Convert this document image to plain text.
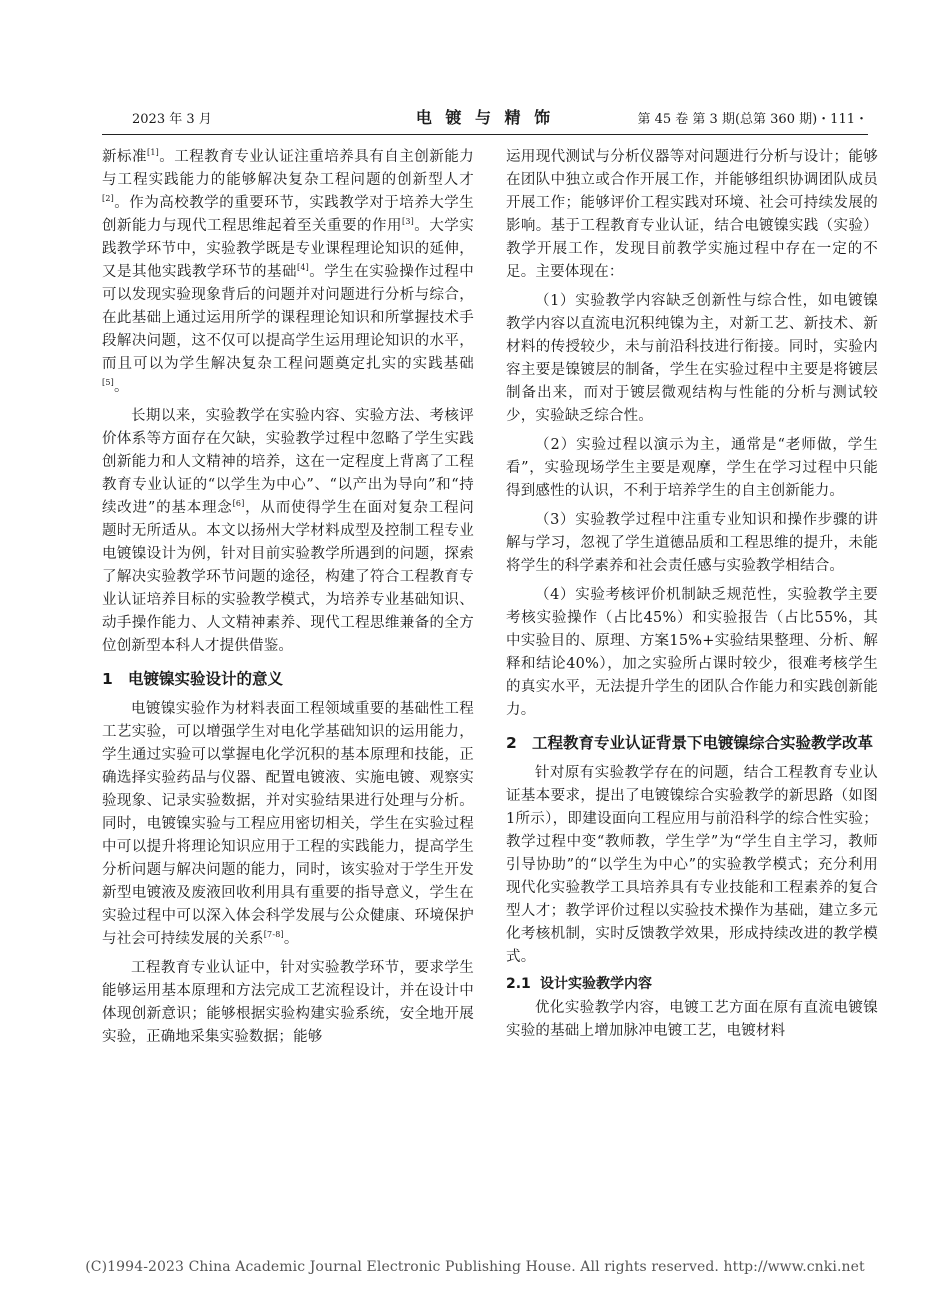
2023 年 3 月	电 镀 与 精 饰	第 45 卷 第 3 期(总第 360 期)・111・

新标准[1]。工程教育专业认证注重培养具有自主创新能力与工程实践能力的能够解决复杂工程问题的创新型人才[2]。作为高校教学的重要环节，实践教学对于培养大学生创新能力与现代工程思维起着至关重要的作用[3]。大学实践教学环节中，实验教学既是专业课程理论知识的延伸，又是其他实践教学环节的基础[4]。学生在实验操作过程中可以发现实验现象背后的问题并对问题进行分析与综合，在此基础上通过运用所学的课程理论知识和所掌握技术手段解决问题，这不仅可以提高学生运用理论知识的水平，而且可以为学生解决复杂工程问题奠定扎实的实践基础[5]。

长期以来，实验教学在实验内容、实验方法、考核评价体系等方面存在欠缺，实验教学过程中忽略了学生实践创新能力和人文精神的培养，这在一定程度上背离了工程教育专业认证的“以学生为中心”、“以产出为导向”和“持续改进”的基本理念[6]，从而使得学生在面对复杂工程问题时无所适从。本文以扬州大学材料成型及控制工程专业电镀镍设计为例，针对目前实验教学所遇到的问题，探索了解决实验教学环节问题的途径，构建了符合工程教育专业认证培养目标的实验教学模式，为培养专业基础知识、动手操作能力、人文精神素养、现代工程思维兼备的全方位创新型本科人才提供借鉴。

1 电镀镍实验设计的意义

电镀镍实验作为材料表面工程领域重要的基础性工程工艺实验，可以增强学生对电化学基础知识的运用能力，学生通过实验可以掌握电化学沉积的基本原理和技能，正确选择实验药品与仪器、配置电镀液、实施电镀、观察实验现象、记录实验数据，并对实验结果进行处理与分析。同时，电镀镍实验与工程应用密切相关，学生在实验过程中可以提升将理论知识应用于工程的实践能力，提高学生分析问题与解决问题的能力，同时，该实验对于学生开发新型电镀液及废液回收利用具有重要的指导意义，学生在实验过程中可以深入体会科学发展与公众健康、环境保护与社会可持续发展的关系[7-8]。

工程教育专业认证中，针对实验教学环节，要求学生能够运用基本原理和方法完成工艺流程设计，并在设计中体现创新意识；能够根据实验构建实验系统，安全地开展实验，正确地采集实验数据；能够

运用现代测试与分析仪器等对问题进行分析与设计；能够在团队中独立或合作开展工作，并能够组织协调团队成员开展工作；能够评价工程实践对环境、社会可持续发展的影响。基于工程教育专业认证，结合电镀镍实践（实验）教学开展工作，发现目前教学实施过程中存在一定的不足。主要体现在：

（1）实验教学内容缺乏创新性与综合性，如电镀镍教学内容以直流电沉积纯镍为主，对新工艺、新技术、新材料的传授较少，未与前沿科技进行衔接。同时，实验内容主要是镍镀层的制备，学生在实验过程中主要是将镀层制备出来，而对于镀层微观结构与性能的分析与测试较少，实验缺乏综合性。

（2）实验过程以演示为主，通常是“老师做，学生看”，实验现场学生主要是观摩，学生在学习过程中只能得到感性的认识，不利于培养学生的自主创新能力。

（3）实验教学过程中注重专业知识和操作步骤的讲解与学习，忽视了学生道德品质和工程思维的提升，未能将学生的科学素养和社会责任感与实验教学相结合。

（4）实验考核评价机制缺乏规范性，实验教学主要考核实验操作（占比45%）和实验报告（占比55%，其中实验目的、原理、方案15%+实验结果整理、分析、解释和结论40%），加之实验所占课时较少，很难考核学生的真实水平，无法提升学生的团队合作能力和实践创新能力。

2 工程教育专业认证背景下电镀镍综合实验教学改革

针对原有实验教学存在的问题，结合工程教育专业认证基本要求，提出了电镀镍综合实验教学的新思路（如图1所示），即建设面向工程应用与前沿科学的综合性实验；教学过程中变“教师教，学生学”为“学生自主学习，教师引导协助”的“以学生为中心”的实验教学模式；充分利用现代化实验教学工具培养具有专业技能和工程素养的复合型人才；教学评价过程以实验技术操作为基础，建立多元化考核机制，实时反馈教学效果，形成持续改进的教学模式。

2.1 设计实验教学内容

优化实验教学内容，电镀工艺方面在原有直流电镀镍实验的基础上增加脉冲电镀工艺，电镀材料

(C)1994-2023 China Academic Journal Electronic Publishing House. All rights reserved. http://www.cnki.net
